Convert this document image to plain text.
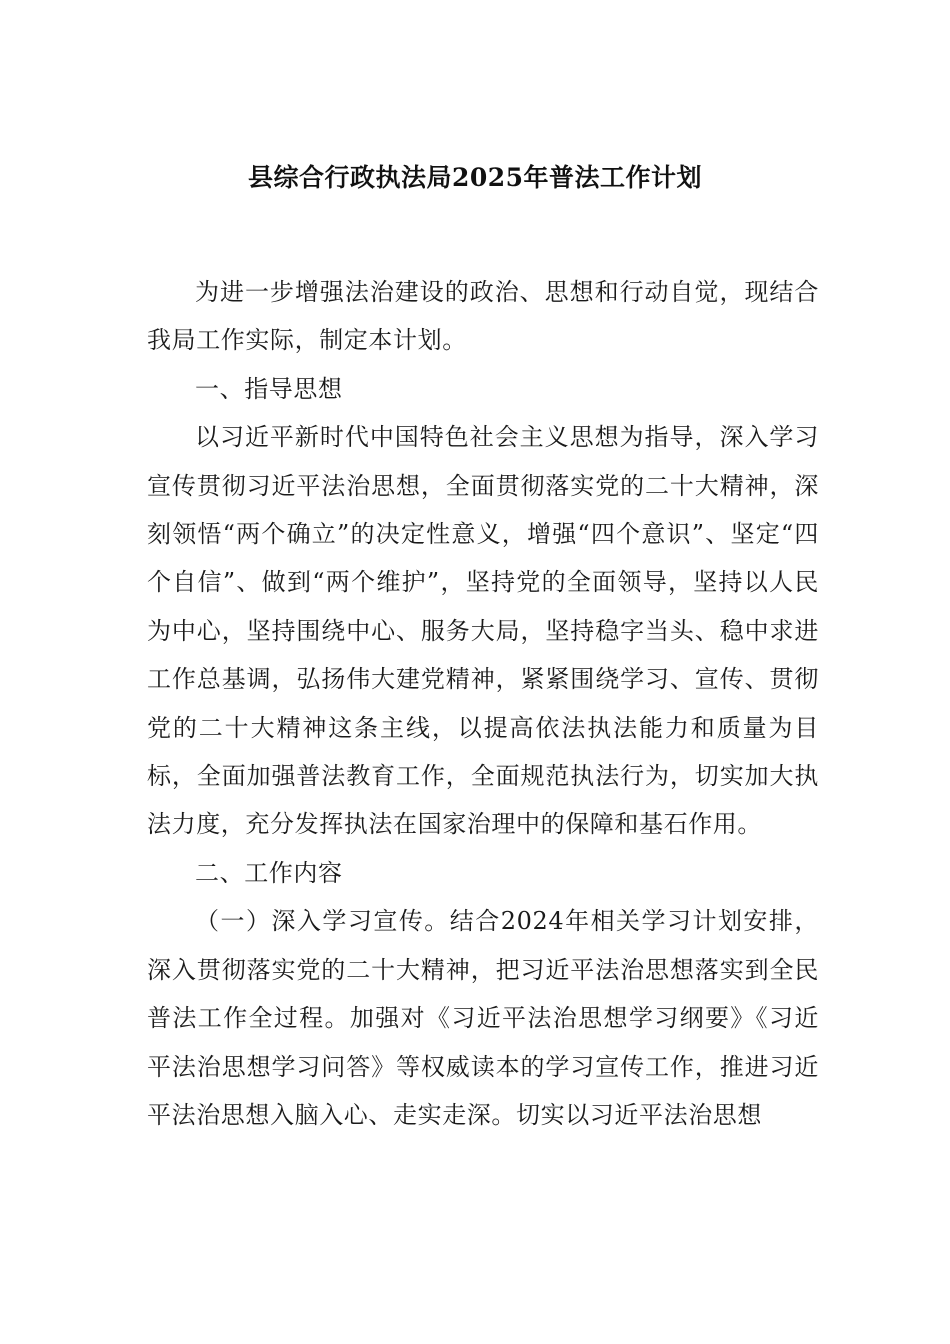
县综合行政执法局2025年普法工作计划

为进一步增强法治建设的政治、思想和行动自觉，现结合我局工作实际，制定本计划。

一、指导思想

以习近平新时代中国特色社会主义思想为指导，深入学习宣传贯彻习近平法治思想，全面贯彻落实党的二十大精神，深刻领悟“两个确立”的决定性意义，增强“四个意识”、坚定“四个自信”、做到“两个维护”，坚持党的全面领导，坚持以人民为中心，坚持围绕中心、服务大局，坚持稳字当头、稳中求进工作总基调，弘扬伟大建党精神，紧紧围绕学习、宣传、贯彻党的二十大精神这条主线，以提高依法执法能力和质量为目标，全面加强普法教育工作，全面规范执法行为，切实加大执法力度，充分发挥执法在国家治理中的保障和基石作用。

二、工作内容

（一）深入学习宣传。结合2024年相关学习计划安排，深入贯彻落实党的二十大精神，把习近平法治思想落实到全民普法工作全过程。加强对《习近平法治思想学习纲要》《习近平法治思想学习问答》等权威读本的学习宣传工作，推进习近平法治思想入脑入心、走实走深。切实以习近平法治思想
